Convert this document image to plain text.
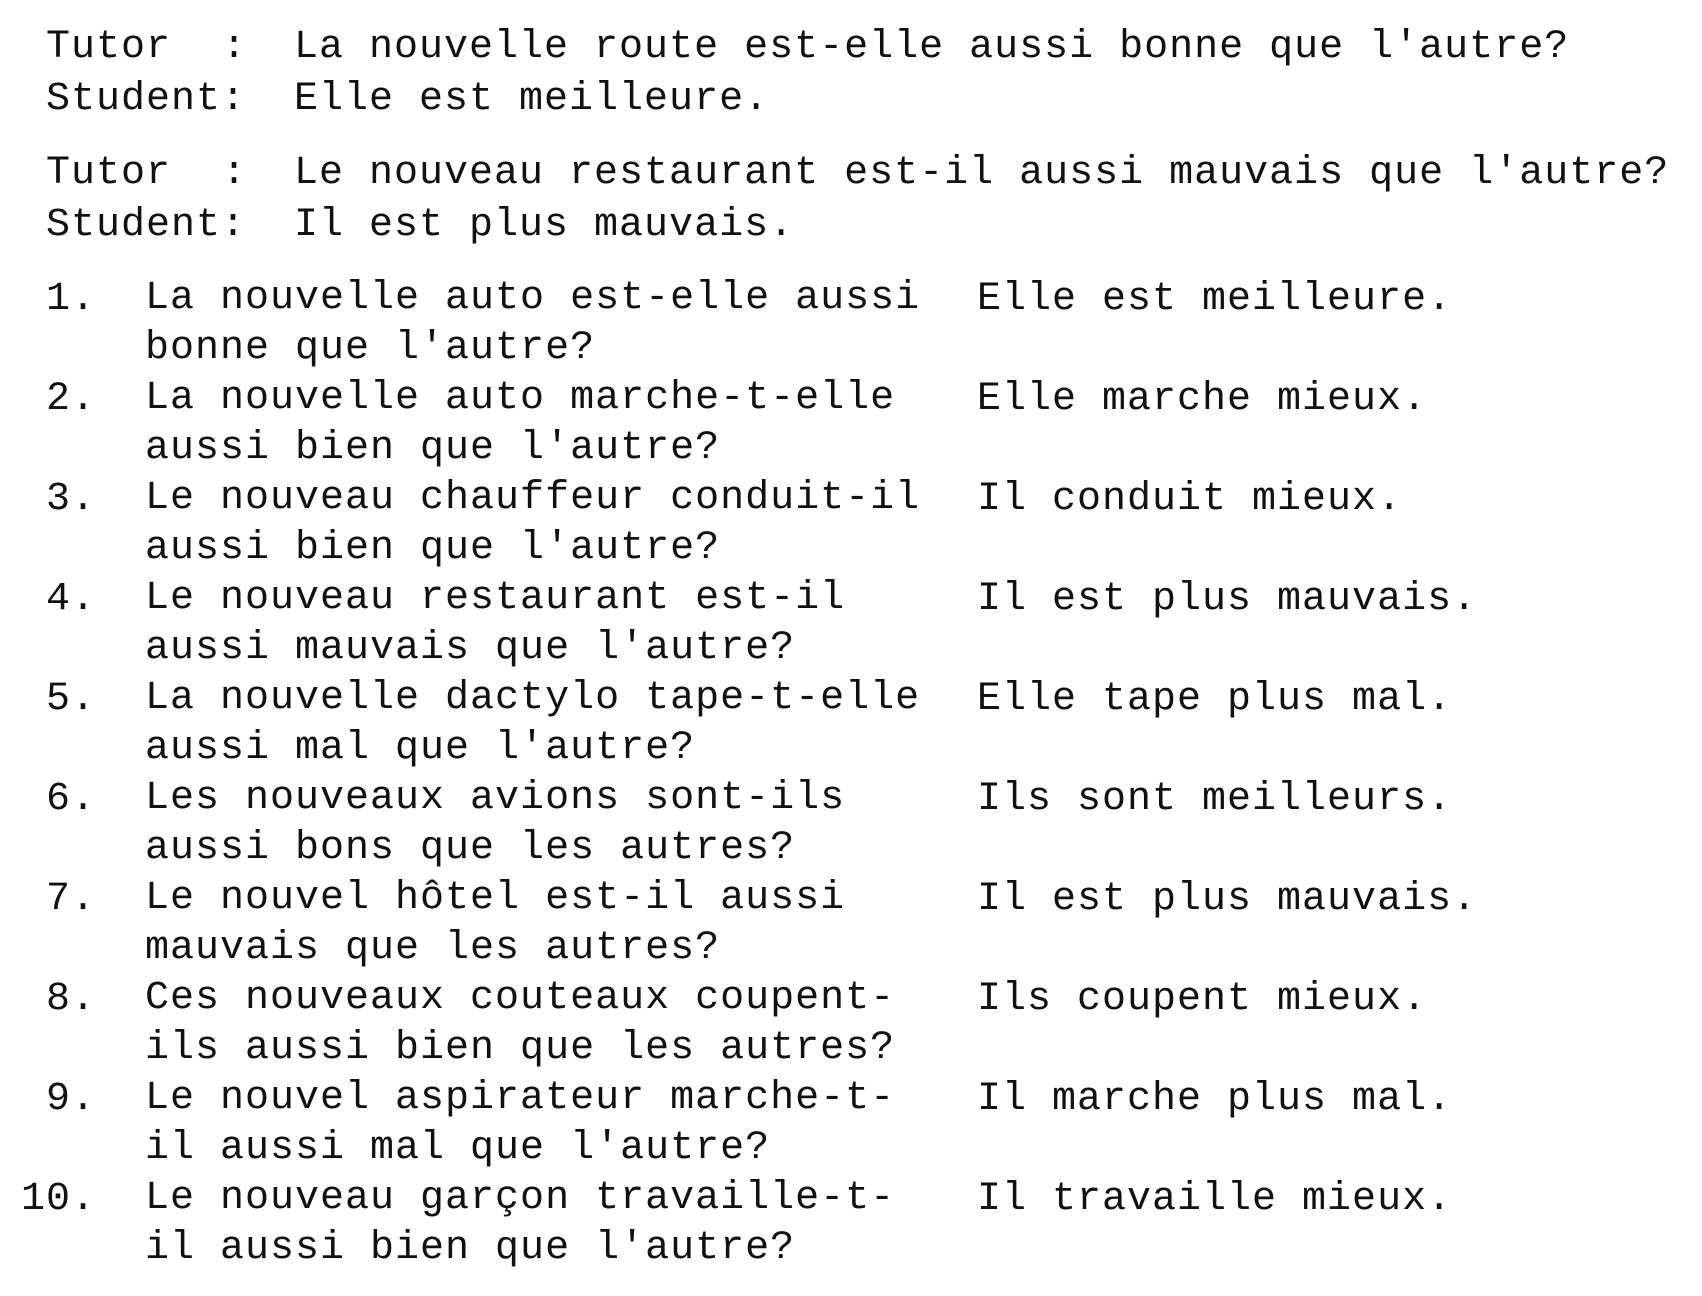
Tutor : La nouvelle route est-elle aussi bonne que l'autre?
Student: Elle est meilleure.
Tutor : Le nouveau restaurant est-il aussi mauvais que l'autre?
Student: Il est plus mauvais.
1. La nouvelle auto est-elle aussi
bonne que l'autre?
Elle est meilleure.
2. La nouvelle auto marche-t-elle
aussi bien que l'autre?
Elle marche mieux.
3. Le nouveau chauffeur conduit-il
aussi bien que l'autre?
Il conduit mieux.
4. Le nouveau restaurant est-il
aussi mauvais que l'autre?
Il est plus mauvais.
5. La nouvelle dactylo tape-t-elle
aussi mal que l'autre?
Elle tape plus mal.
6. Les nouveaux avions sont-ils
aussi bons que les autres?
Ils sont meilleurs.
7. Le nouvel hôtel est-il aussi
mauvais que les autres?
Il est plus mauvais.
8. Ces nouveaux couteaux coupent-
ils aussi bien que les autres?
Ils coupent mieux.
9. Le nouvel aspirateur marche-t-
il aussi mal que l'autre?
Il marche plus mal.
10. Le nouveau garçon travaille-t-
il aussi bien que l'autre?
Il travaille mieux.
